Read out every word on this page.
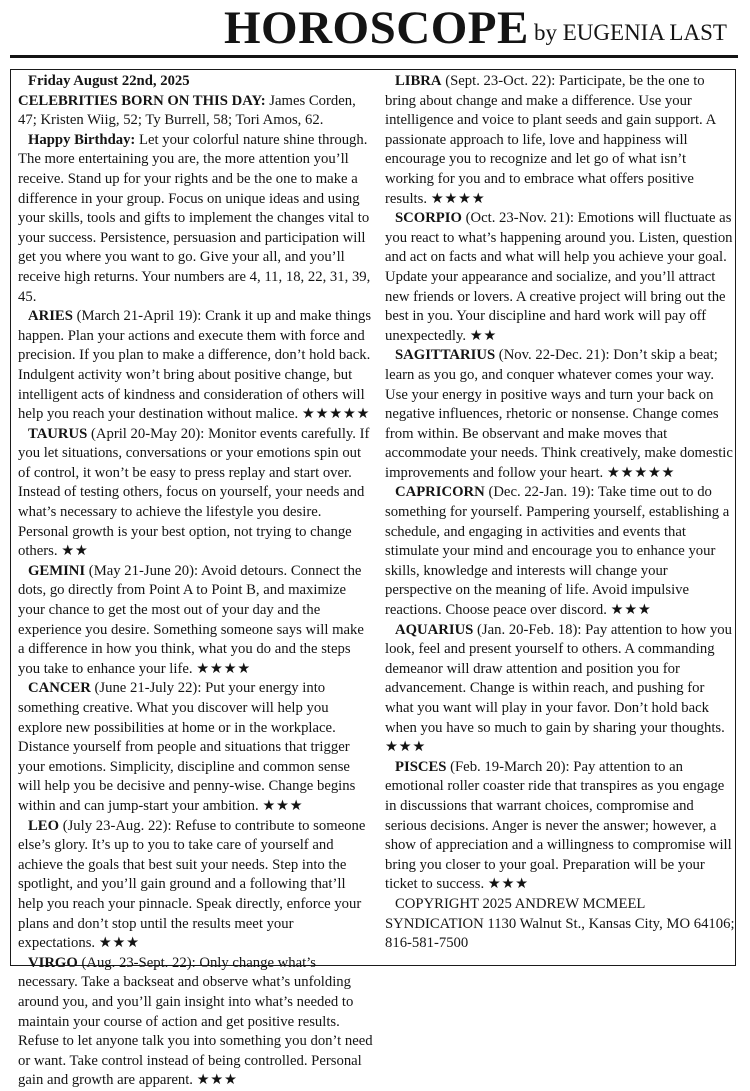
HOROSCOPE by EUGENIA LAST
Friday August 22nd, 2025

CELEBRITIES BORN ON THIS DAY: James Corden, 47; Kristen Wiig, 52; Ty Burrell, 58; Tori Amos, 62.

Happy Birthday: Let your colorful nature shine through. The more entertaining you are, the more attention you’ll receive. Stand up for your rights and be the one to make a difference in your group. Focus on unique ideas and using your skills, tools and gifts to implement the changes vital to your success. Persistence, persuasion and participation will get you where you want to go. Give your all, and you’ll receive high returns. Your numbers are 4, 11, 18, 22, 31, 39, 45.

ARIES (March 21-April 19): Crank it up and make things happen. Plan your actions and execute them with force and precision. If you plan to make a difference, don’t hold back. Indulgent activity won’t bring about positive change, but intelligent acts of kindness and consideration of others will help you reach your destination without malice. ★★★★★

TAURUS (April 20-May 20): Monitor events carefully. If you let situations, conversations or your emotions spin out of control, it won’t be easy to press replay and start over. Instead of testing others, focus on yourself, your needs and what’s necessary to achieve the lifestyle you desire. Personal growth is your best option, not trying to change others. ★★

GEMINI (May 21-June 20): Avoid detours. Connect the dots, go directly from Point A to Point B, and maximize your chance to get the most out of your day and the experience you desire. Something someone says will make a difference in how you think, what you do and the steps you take to enhance your life. ★★★★

CANCER (June 21-July 22): Put your energy into something creative. What you discover will help you explore new possibilities at home or in the workplace. Distance yourself from people and situations that trigger your emotions. Simplicity, discipline and common sense will help you be decisive and penny-wise. Change begins within and can jump-start your ambition. ★★★

LEO (July 23-Aug. 22): Refuse to contribute to someone else’s glory. It’s up to you to take care of yourself and achieve the goals that best suit your needs. Step into the spotlight, and you’ll gain ground and a following that’ll help you reach your pinnacle. Speak directly, enforce your plans and don’t stop until the results meet your expectations. ★★★

VIRGO (Aug. 23-Sept. 22): Only change what’s necessary. Take a backseat and observe what’s unfolding around you, and you’ll gain insight into what’s needed to maintain your course of action and get positive results. Refuse to let anyone talk you into something you don’t need or want. Take control instead of being controlled. Personal gain and growth are apparent. ★★★

LIBRA (Sept. 23-Oct. 22): Participate, be the one to bring about change and make a difference. Use your intelligence and voice to plant seeds and gain support. A passionate approach to life, love and happiness will encourage you to recognize and let go of what isn’t working for you and to embrace what offers positive results. ★★★★

SCORPIO (Oct. 23-Nov. 21): Emotions will fluctuate as you react to what’s happening around you. Listen, question and act on facts and what will help you achieve your goal. Update your appearance and socialize, and you’ll attract new friends or lovers. A creative project will bring out the best in you. Your discipline and hard work will pay off unexpectedly. ★★

SAGITTARIUS (Nov. 22-Dec. 21): Don’t skip a beat; learn as you go, and conquer whatever comes your way. Use your energy in positive ways and turn your back on negative influences, rhetoric or nonsense. Change comes from within. Be observant and make moves that accommodate your needs. Think creatively, make domestic improvements and follow your heart. ★★★★★

CAPRICORN (Dec. 22-Jan. 19): Take time out to do something for yourself. Pampering yourself, establishing a schedule, and engaging in activities and events that stimulate your mind and encourage you to enhance your skills, knowledge and interests will change your perspective on the meaning of life. Avoid impulsive reactions. Choose peace over discord. ★★★

AQUARIUS (Jan. 20-Feb. 18): Pay attention to how you look, feel and present yourself to others. A commanding demeanor will draw attention and position you for advancement. Change is within reach, and pushing for what you want will play in your favor. Don’t hold back when you have so much to gain by sharing your thoughts. ★★★

PISCES (Feb. 19-March 20): Pay attention to an emotional roller coaster ride that transpires as you engage in discussions that warrant choices, compromise and serious decisions. Anger is never the answer; however, a show of appreciation and a willingness to compromise will bring you closer to your goal. Preparation will be your ticket to success. ★★★

COPYRIGHT 2025 ANDREW MCMEEL SYNDICATION 1130 Walnut St., Kansas City, MO 64106; 816-581-7500
